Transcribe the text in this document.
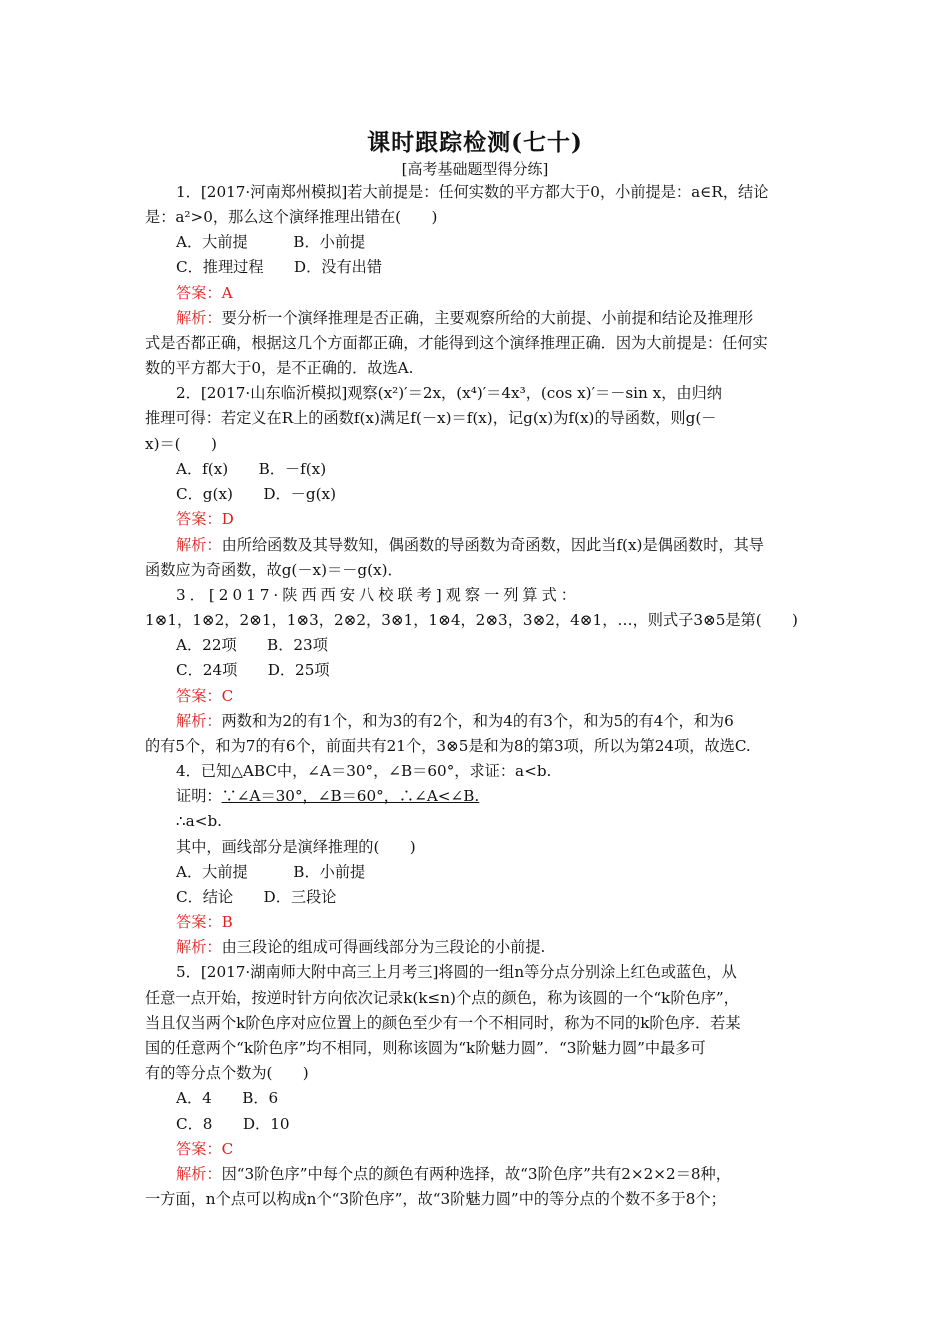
课时跟踪检测(七十)
[高考基础题型得分练]
1．[2017·河南郑州模拟]若大前提是：任何实数的平方都大于0，小前提是：a∈R，结论
是：a²>0，那么这个演绎推理出错在(　　)
A．大前提　　　B．小前提
C．推理过程　　D．没有出错
答案：A
解析：要分析一个演绎推理是否正确，主要观察所给的大前提、小前提和结论及推理形
式是否都正确，根据这几个方面都正确，才能得到这个演绎推理正确．因为大前提是：任何实
数的平方都大于0，是不正确的．故选A.
2．[2017·山东临沂模拟]观察(x²)′＝2x，(x⁴)′＝4x³，(cos x)′＝－sin x，由归纳
推理可得：若定义在R上的函数f(x)满足f(－x)＝f(x)，记g(x)为f(x)的导函数，则g(－
x)＝(　　)
A．f(x)　　B．－f(x)
C．g(x)　　D．－g(x)
答案：D
解析：由所给函数及其导数知，偶函数的导函数为奇函数，因此当f(x)是偶函数时，其导
函数应为奇函数，故g(－x)＝－g(x)．
3．[2017·陕西西安八校联考]观察一列算式：
1⊗1，1⊗2，2⊗1，1⊗3，2⊗2，3⊗1，1⊗4，2⊗3，3⊗2，4⊗1，…，则式子3⊗5是第(　　)
A．22项　　B．23项
C．24项　　D．25项
答案：C
解析：两数和为2的有1个，和为3的有2个，和为4的有3个，和为5的有4个，和为6
的有5个，和为7的有6个，前面共有21个，3⊗5是和为8的第3项，所以为第24项，故选C.
4．已知△ABC中，∠A＝30°，∠B＝60°，求证：a<b.
证明：∵∠A＝30°，∠B＝60°，∴∠A<∠B.
∴a<b.
其中，画线部分是演绎推理的(　　)
A．大前提　　　B．小前提
C．结论　　D．三段论
答案：B
解析：由三段论的组成可得画线部分为三段论的小前提.
5．[2017·湖南师大附中高三上月考三]将圆的一组n等分点分别涂上红色或蓝色，从
任意一点开始，按逆时针方向依次记录k(k≤n)个点的颜色，称为该圆的一个“k阶色序”，
当且仅当两个k阶色序对应位置上的颜色至少有一个不相同时，称为不同的k阶色序．若某
国的任意两个“k阶色序”均不相同，则称该圆为“k阶魅力圆”．“3阶魅力圆”中最多可
有的等分点个数为(　　)
A．4　　B．6
C．8　　D．10
答案：C
解析：因“3阶色序”中每个点的颜色有两种选择，故“3阶色序”共有2×2×2＝8种，
一方面，n个点可以构成n个“3阶色序”，故“3阶魅力圆”中的等分点的个数不多于8个；
